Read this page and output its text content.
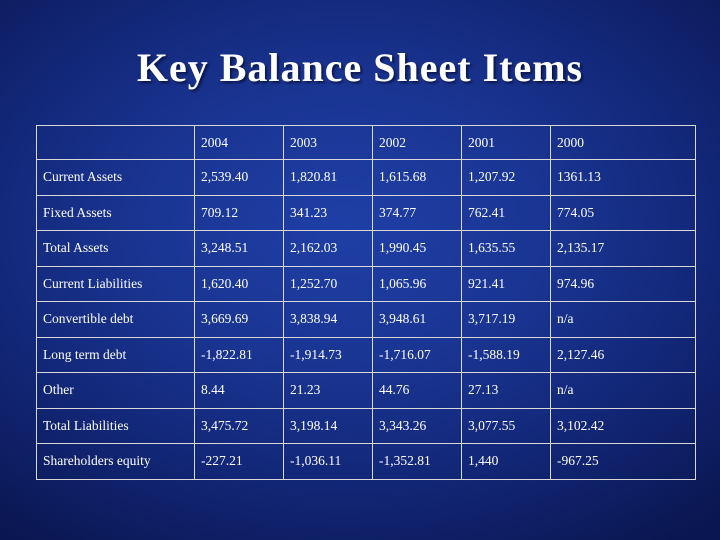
Key Balance Sheet Items
	2004	2003	2002	2001	2000
Current Assets	2,539.40	1,820.81	1,615.68	1,207.92	1361.13
Fixed Assets	709.12	341.23	374.77	762.41	774.05
Total Assets	3,248.51	2,162.03	1,990.45	1,635.55	2,135.17
Current Liabilities	1,620.40	1,252.70	1,065.96	921.41	974.96
Convertible debt	3,669.69	3,838.94	3,948.61	3,717.19	n/a
Long term debt	-1,822.81	-1,914.73	-1,716.07	-1,588.19	2,127.46
Other	8.44	21.23	44.76	27.13	n/a
Total Liabilities	3,475.72	3,198.14	3,343.26	3,077.55	3,102.42
Shareholders equity	-227.21	-1,036.11	-1,352.81	1,440	-967.25
